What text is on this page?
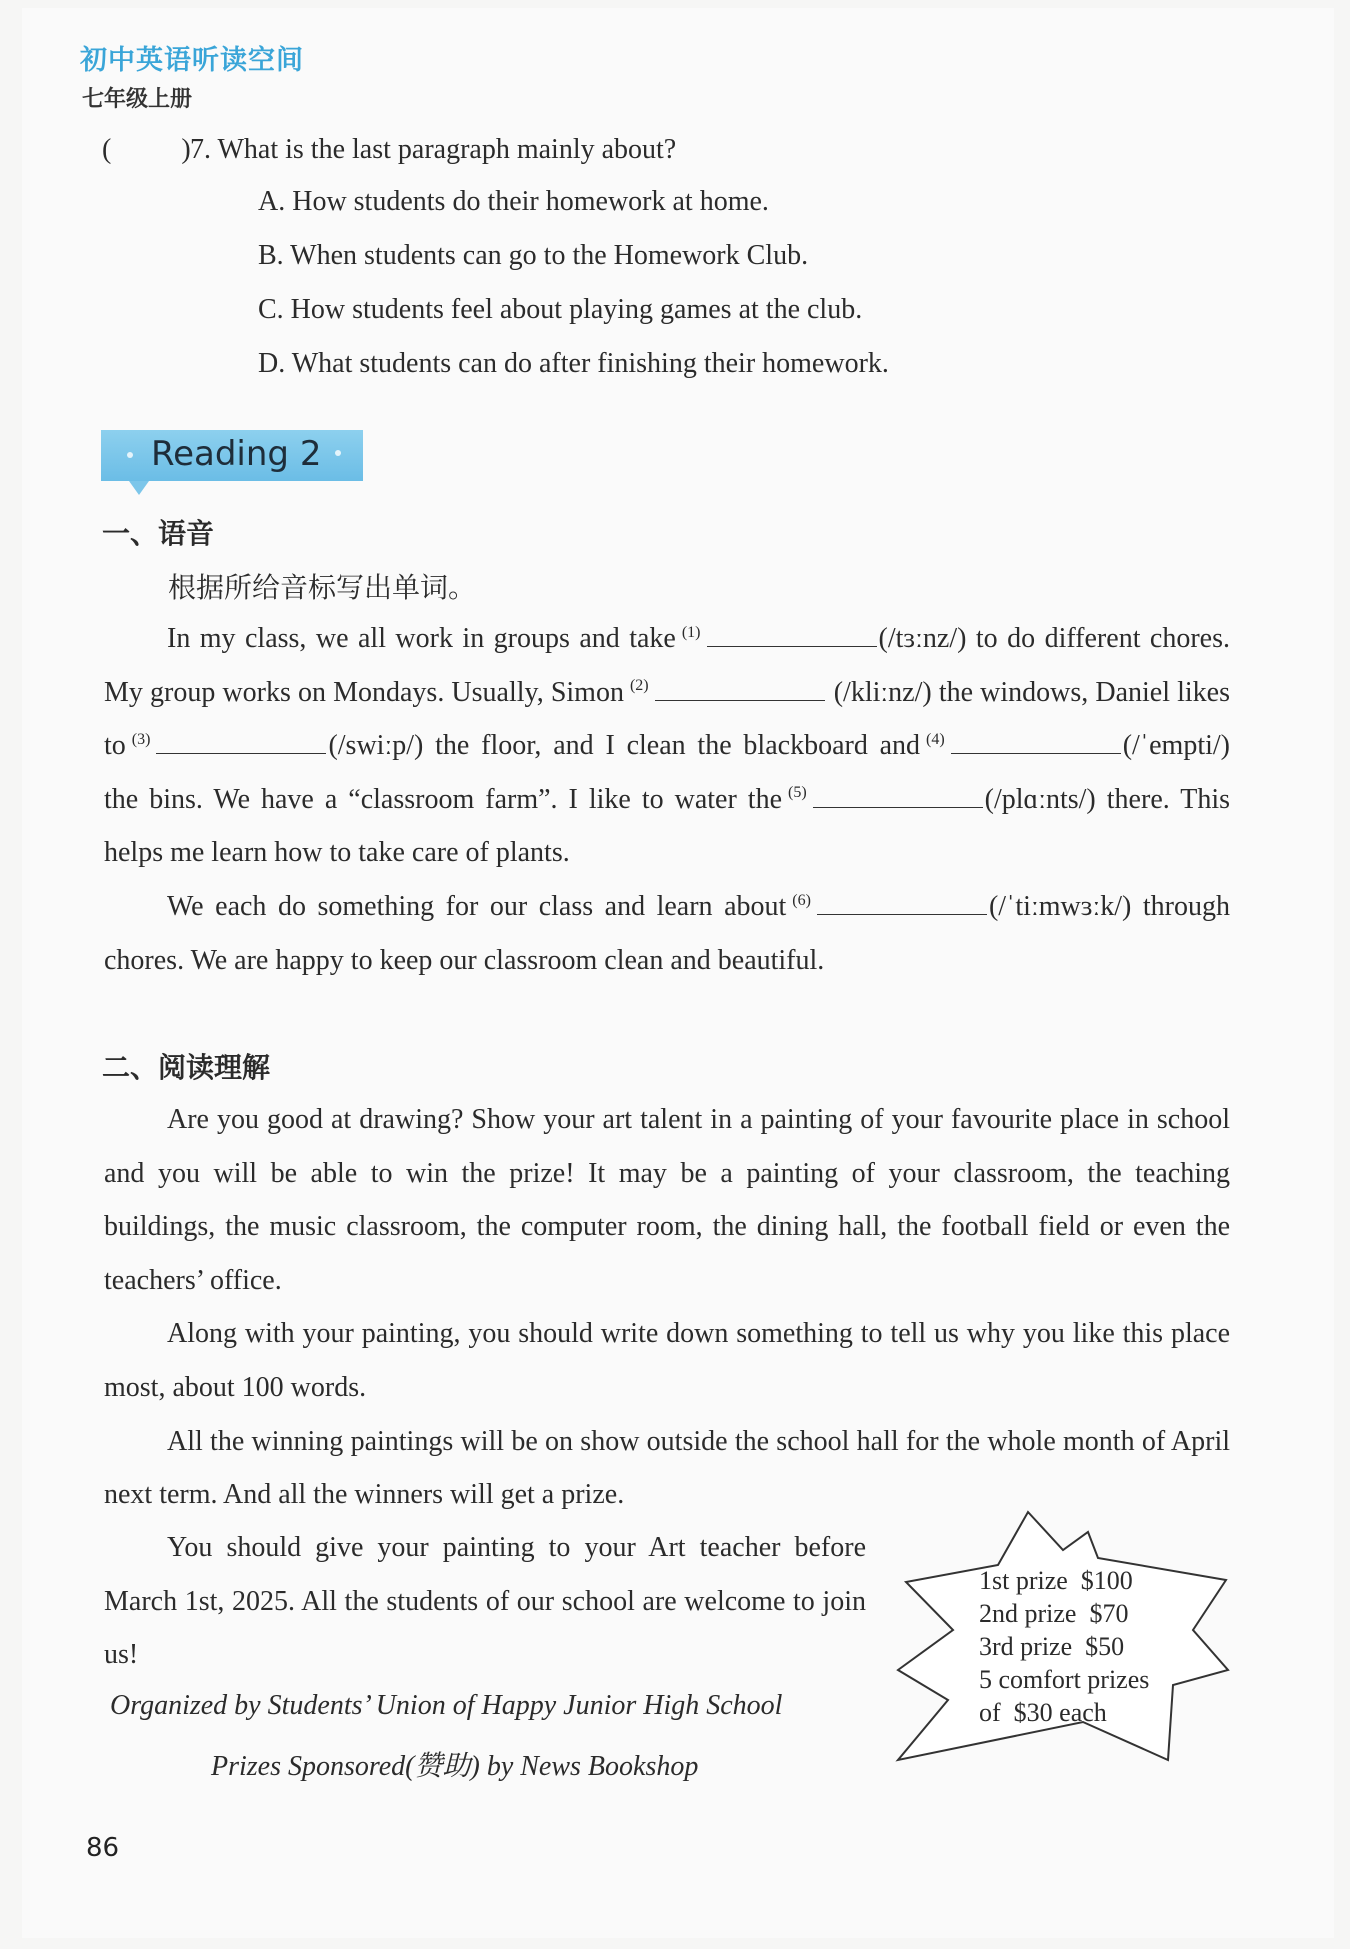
初中英语听读空间
七年级上册
(          )7. What is the last paragraph mainly about?
A. How students do their homework at home.
B. When students can go to the Homework Club.
C. How students feel about playing games at the club.
D. What students can do after finishing their homework.
Reading 2
一、语音
根据所给音标写出单词。

In my class, we all work in groups and take $^{(1)}$	(/tɜːnz/) to do different chores. My group works on Mondays. Usually, Simon $^{(2)}$	(/kliːnz/) the windows, Daniel likes to $^{(3)}$	(/swiːp/) the floor, and I clean the blackboard and $^{(4)}$	(/ˈempti/) the bins. We have a “classroom farm”. I like to water the $^{(5)}$	(/plɑːnts/) there. This helps me learn how to take care of plants.

We each do something for our class and learn about $^{(6)}$	(/ˈtiːmwɜːk/) through chores. We are happy to keep our classroom clean and beautiful.

二、阅读理解

Are you good at drawing? Show your art talent in a painting of your favourite place in school and you will be able to win the prize! It may be a painting of your classroom, the teaching buildings, the music classroom, the computer room, the dining hall, the football field or even the teachers’ office.

Along with your painting, you should write down something to tell us why you like this place most, about 100 words.

All the winning paintings will be on show outside the school hall for the whole month of April next term. And all the winners will get a prize.

You should give your painting to your Art teacher before March 1st, 2025. All the students of our school are welcome to join us!

Organized by Students’ Union of Happy Junior High School
Prizes Sponsored(赞助) by News Bookshop
1st prize  $100
2nd prize  $70
3rd prize  $50
5 comfort prizes
of  $30 each
86
